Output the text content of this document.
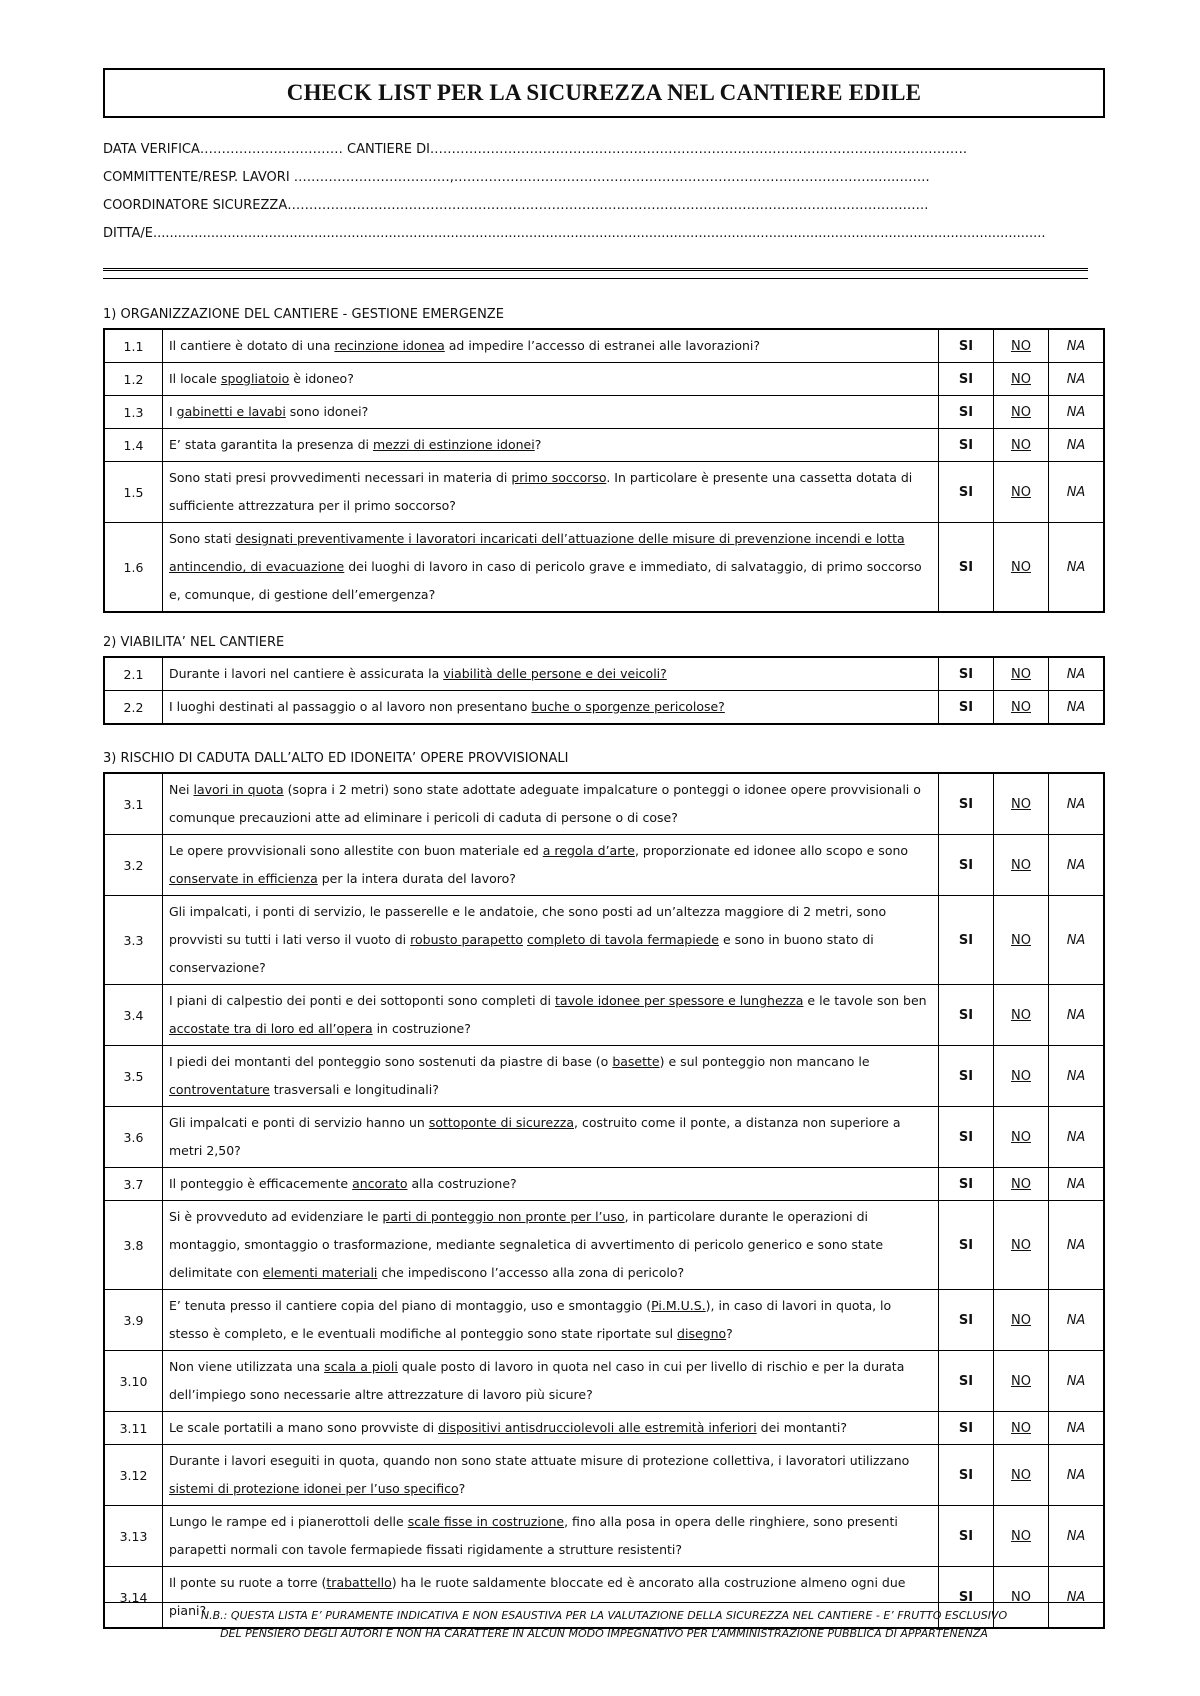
CHECK LIST PER LA SICUREZZA NEL CANTIERE EDILE
DATA VERIFICA…………………………… CANTIERE DI…………………………………………………………………………………………………………….
COMMITTENTE/RESP. LAVORI ………………………………,……………………………………………………………………………………..…..…….
COORDINATORE SICUREZZA………………………………………………………………………………………………………………………………….
DITTA/E........................................................................................................................................................................................................................
1) ORGANIZZAZIONE DEL CANTIERE - GESTIONE EMERGENZE
1.1	Il cantiere è dotato di una recinzione idonea ad impedire l’accesso di estranei alle lavorazioni?	SI	NO	NA
1.2	Il locale spogliatoio è idoneo?	SI	NO	NA
1.3	I gabinetti e lavabi sono idonei?	SI	NO	NA
1.4	E’ stata garantita la presenza di mezzi di estinzione idonei?	SI	NO	NA
1.5	Sono stati presi provvedimenti necessari in materia di primo soccorso. In particolare è presente una cassetta dotata di sufficiente attrezzatura per il primo soccorso?	SI	NO	NA
1.6	Sono stati designati preventivamente i lavoratori incaricati dell’attuazione delle misure di prevenzione incendi e lotta antincendio, di evacuazione dei luoghi di lavoro in caso di pericolo grave e immediato, di salvataggio, di primo soccorso e, comunque, di gestione dell’emergenza?	SI	NO	NA
2) VIABILITA’ NEL CANTIERE
2.1	Durante i lavori nel cantiere è assicurata la viabilità delle persone e dei veicoli?	SI	NO	NA
2.2	I luoghi destinati al passaggio o al lavoro non presentano buche o sporgenze pericolose?	SI	NO	NA
3) RISCHIO DI CADUTA DALL’ALTO ED IDONEITA’ OPERE PROVVISIONALI
3.1	Nei lavori in quota (sopra i 2 metri) sono state adottate adeguate impalcature o ponteggi o idonee opere provvisionali o comunque precauzioni atte ad eliminare i pericoli di caduta di persone o di cose?	SI	NO	NA
3.2	Le opere provvisionali sono allestite con buon materiale ed a regola d’arte, proporzionate ed idonee allo scopo e sono conservate in efficienza per la intera durata del lavoro?	SI	NO	NA
3.3	Gli impalcati, i ponti di servizio, le passerelle e le andatoie, che sono posti ad un’altezza maggiore di 2 metri, sono provvisti su tutti i lati verso il vuoto di robusto parapetto completo di tavola fermapiede e sono in buono stato di conservazione?	SI	NO	NA
3.4	I piani di calpestio dei ponti e dei sottoponti sono completi di tavole idonee per spessore e lunghezza e le tavole son ben accostate tra di loro ed all’opera in costruzione?	SI	NO	NA
3.5	I piedi dei montanti del ponteggio sono sostenuti da piastre di base (o basette) e sul ponteggio non mancano le controventature trasversali e longitudinali?	SI	NO	NA
3.6	Gli impalcati e ponti di servizio hanno un sottoponte di sicurezza, costruito come il ponte, a distanza non superiore a metri 2,50?	SI	NO	NA
3.7	Il ponteggio è efficacemente ancorato alla costruzione?	SI	NO	NA
3.8	Si è provveduto ad evidenziare le parti di ponteggio non pronte per l’uso, in particolare durante le operazioni di montaggio, smontaggio o trasformazione, mediante segnaletica di avvertimento di pericolo generico e sono state delimitate con elementi materiali che impediscono l’accesso alla zona di pericolo?	SI	NO	NA
3.9	E’ tenuta presso il cantiere copia del piano di montaggio, uso e smontaggio (Pi.M.U.S.), in caso di lavori in quota, lo stesso è completo, e le eventuali modifiche al ponteggio sono state riportate sul disegno?	SI	NO	NA
3.10	Non viene utilizzata una scala a pioli quale posto di lavoro in quota nel caso in cui per livello di rischio e per la durata dell’impiego sono necessarie altre attrezzature di lavoro più sicure?	SI	NO	NA
3.11	Le scale portatili a mano sono provviste di dispositivi antisdrucciolevoli alle estremità inferiori dei montanti?	SI	NO	NA
3.12	Durante i lavori eseguiti in quota, quando non sono state attuate misure di protezione collettiva, i lavoratori utilizzano sistemi di protezione idonei per l’uso specifico?	SI	NO	NA
3.13	Lungo le rampe ed i pianerottoli delle scale fisse in costruzione, fino alla posa in opera delle ringhiere, sono presenti parapetti normali con tavole fermapiede fissati rigidamente a strutture resistenti?	SI	NO	NA
3.14	Il ponte su ruote a torre (trabattello) ha le ruote saldamente bloccate ed è ancorato alla costruzione almeno ogni due piani?	SI	NO	NA
N.B.: QUESTA LISTA E’ PURAMENTE INDICATIVA E NON ESAUSTIVA PER LA VALUTAZIONE DELLA SICUREZZA NEL CANTIERE - E’ FRUTTO ESCLUSIVO
DEL PENSIERO DEGLI AUTORI E NON HA CARATTERE IN ALCUN MODO IMPEGNATIVO PER L’AMMINISTRAZIONE PUBBLICA DI APPARTENENZA
